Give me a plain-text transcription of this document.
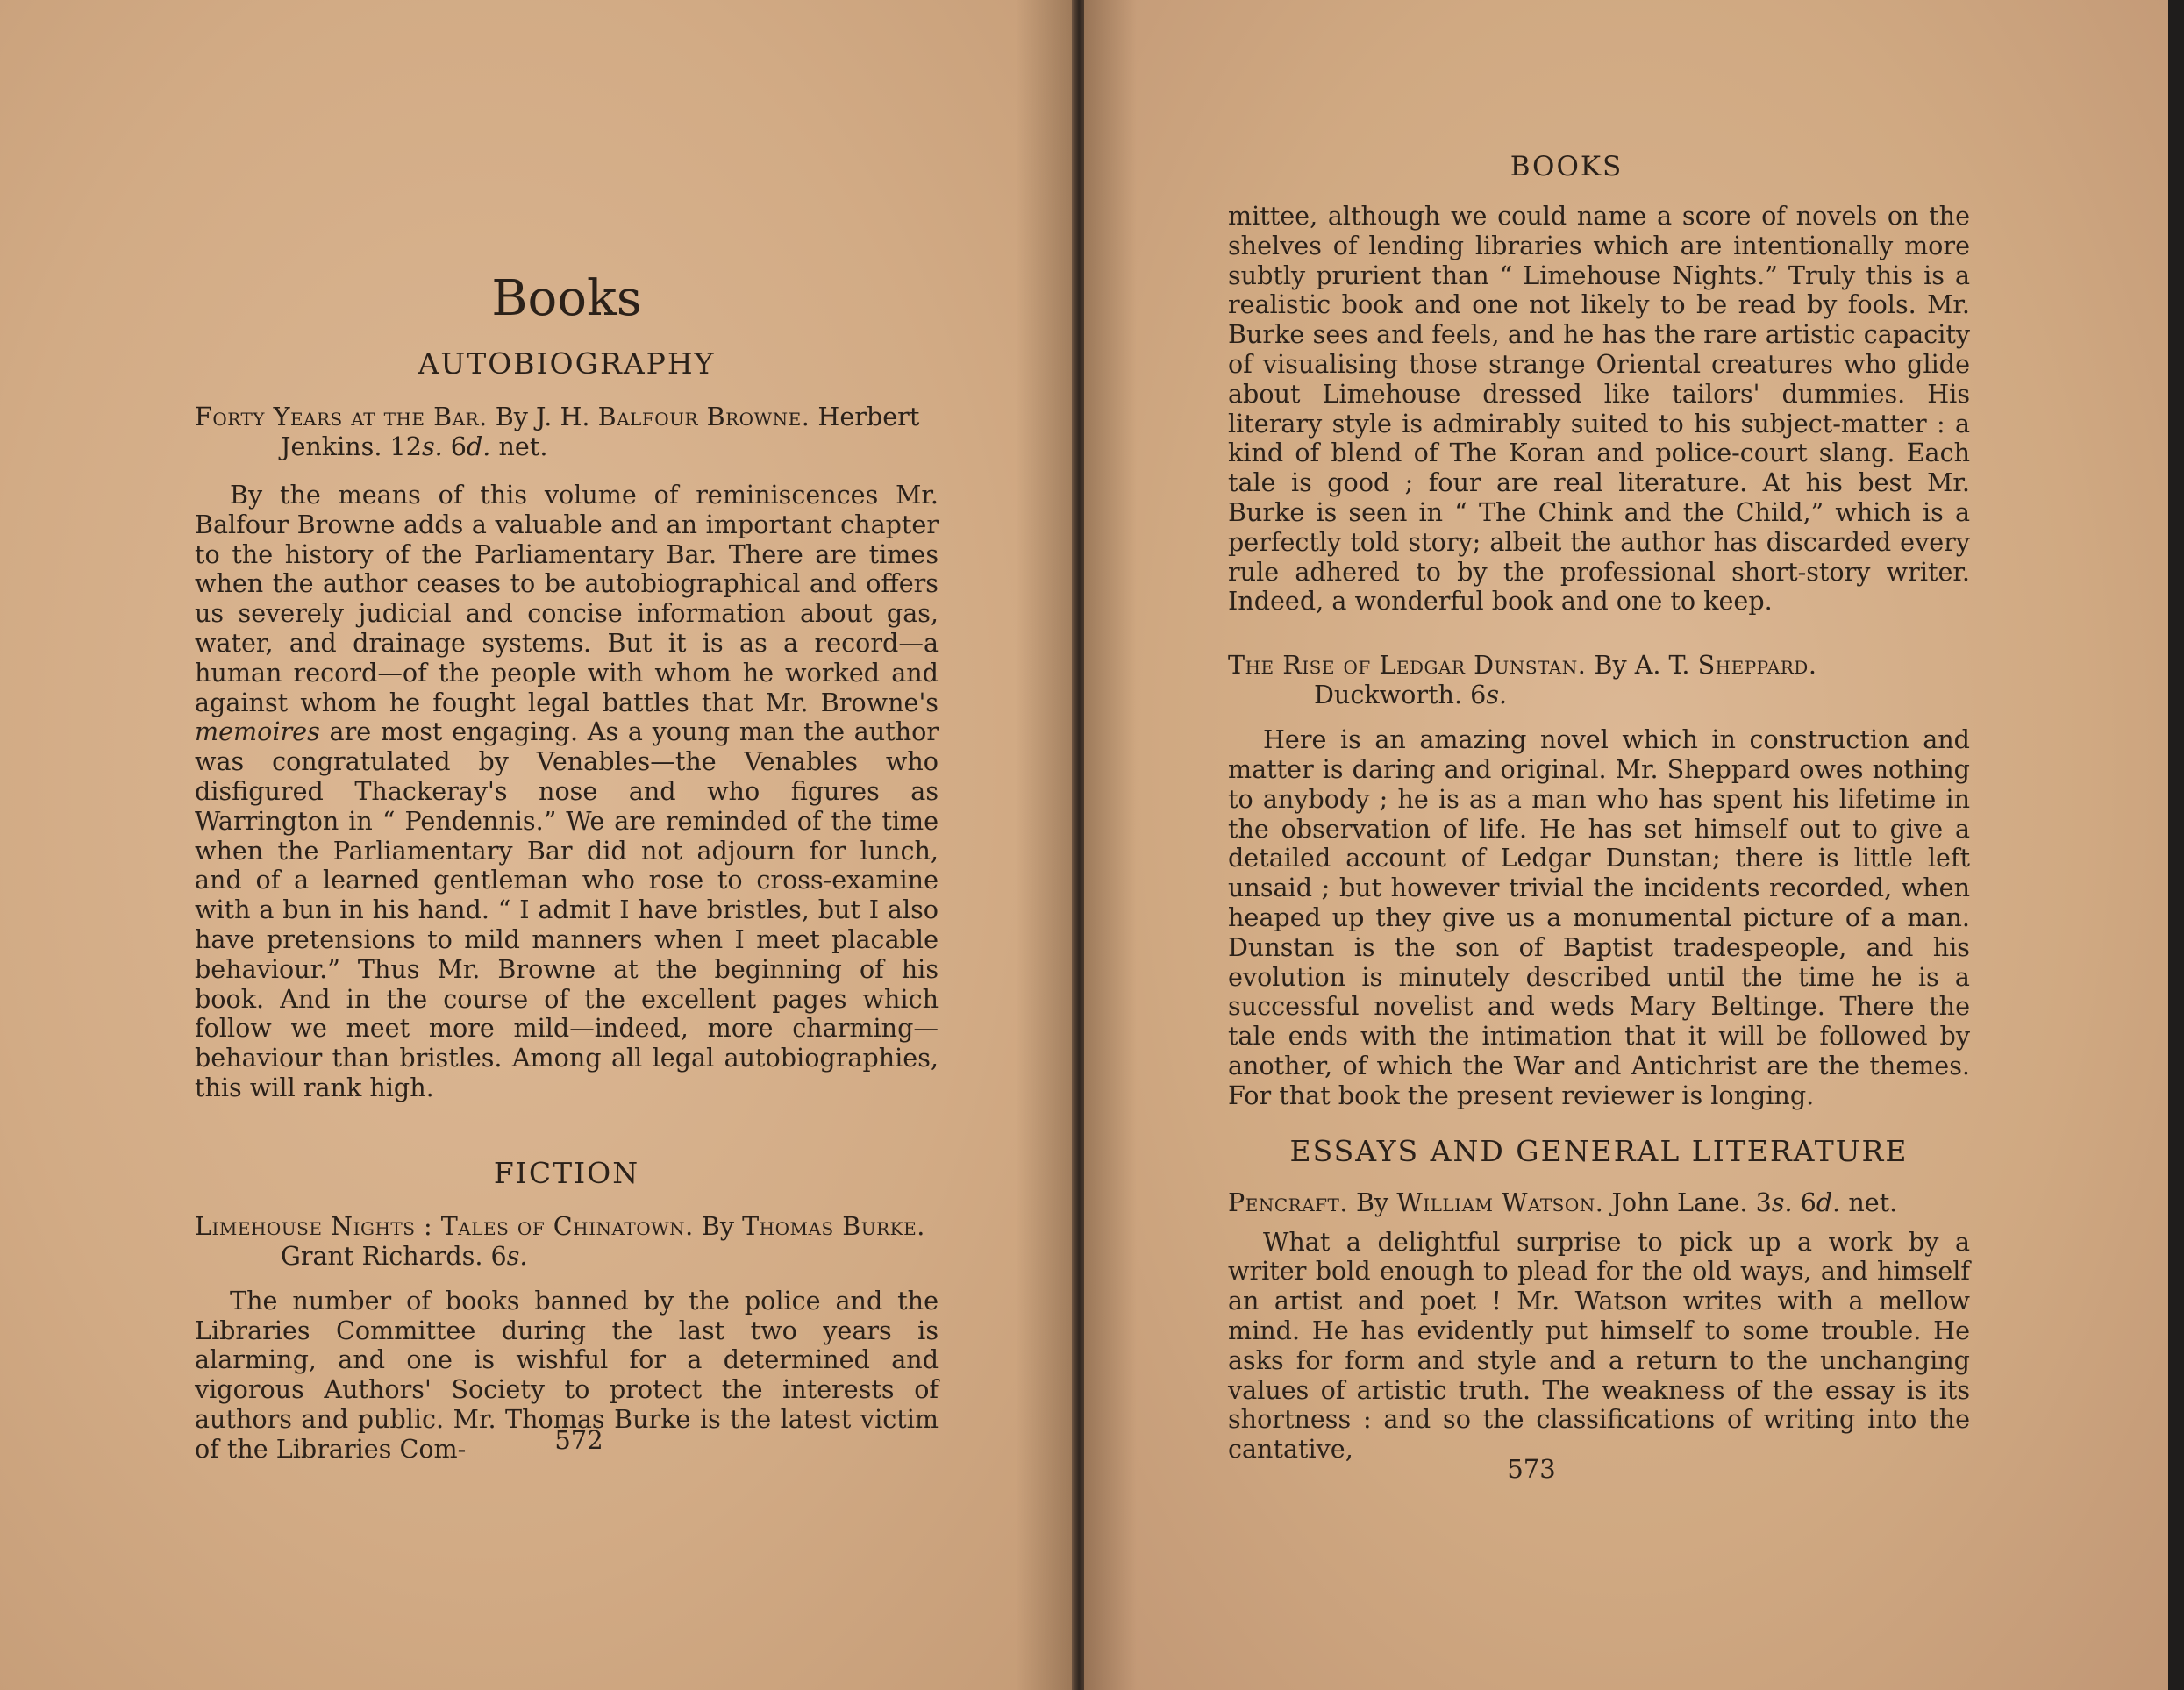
Books
AUTOBIOGRAPHY

Forty Years at the Bar. By J. H. Balfour Browne. Herbert Jenkins. 12s. 6d. net.

By the means of this volume of reminiscences Mr. Balfour Browne adds a valuable and an important chapter to the history of the Parliamentary Bar. There are times when the author ceases to be autobiographical and offers us severely judicial and concise information about gas, water, and drainage systems. But it is as a record—a human record—of the people with whom he worked and against whom he fought legal battles that Mr. Browne's memoires are most engaging. As a young man the author was congratulated by Venables—the Venables who disfigured Thackeray's nose and who figures as Warrington in “ Pendennis.” We are reminded of the time when the Parliamentary Bar did not adjourn for lunch, and of a learned gentleman who rose to cross-examine with a bun in his hand. “ I admit I have bristles, but I also have pretensions to mild manners when I meet placable behaviour.” Thus Mr. Browne at the beginning of his book. And in the course of the excellent pages which follow we meet more mild—indeed, more charming—behaviour than bristles. Among all legal autobiographies, this will rank high.

FICTION

Limehouse Nights : Tales of Chinatown. By Thomas Burke. Grant Richards. 6s.

The number of books banned by the police and the Libraries Committee during the last two years is alarming, and one is wishful for a determined and vigorous Authors' Society to protect the interests of authors and public. Mr. Thomas Burke is the latest victim of the Libraries Com-	572
BOOKS

mittee, although we could name a score of novels on the shelves of lending libraries which are intentionally more subtly prurient than “ Limehouse Nights.” Truly this is a realistic book and one not likely to be read by fools. Mr. Burke sees and feels, and he has the rare artistic capacity of visualising those strange Oriental creatures who glide about Limehouse dressed like tailors' dummies. His literary style is admirably suited to his subject-matter : a kind of blend of The Koran and police-court slang. Each tale is good ; four are real literature. At his best Mr. Burke is seen in “ The Chink and the Child,” which is a perfectly told story; albeit the author has discarded every rule adhered to by the professional short-story writer. Indeed, a wonderful book and one to keep.

The Rise of Ledgar Dunstan. By A. T. Sheppard. Duckworth. 6s.

Here is an amazing novel which in construction and matter is daring and original. Mr. Sheppard owes nothing to anybody ; he is as a man who has spent his lifetime in the observation of life. He has set himself out to give a detailed account of Ledgar Dunstan; there is little left unsaid ; but however trivial the incidents recorded, when heaped up they give us a monumental picture of a man. Dunstan is the son of Baptist tradespeople, and his evolution is minutely described until the time he is a successful novelist and weds Mary Beltinge. There the tale ends with the intimation that it will be followed by another, of which the War and Antichrist are the themes. For that book the present reviewer is longing.

ESSAYS AND GENERAL LITERATURE

Pencraft. By William Watson. John Lane. 3s. 6d. net.

What a delightful surprise to pick up a work by a writer bold enough to plead for the old ways, and himself an artist and poet ! Mr. Watson writes with a mellow mind. He has evidently put himself to some trouble. He asks for form and style and a return to the unchanging values of artistic truth. The weakness of the essay is its shortness : and so the classifications of writing into the cantative,

573
